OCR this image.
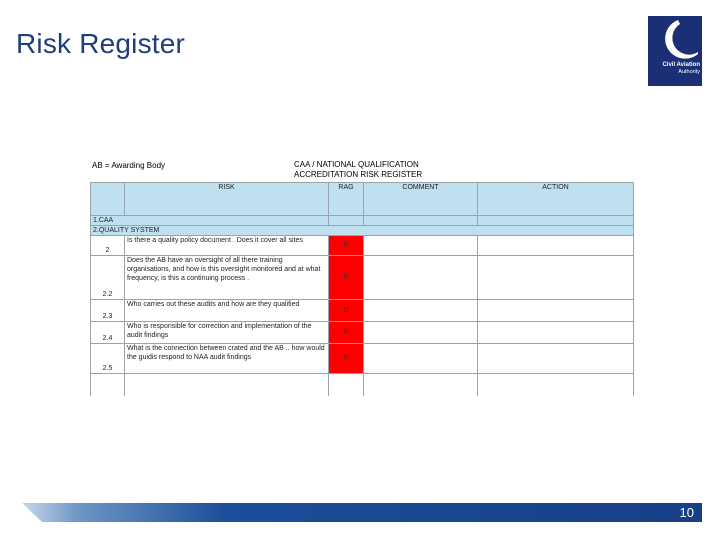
Risk Register
Civil Aviation
Authority
AB = Awarding Body	CAA / NATIONAL QUALIFICATION
ACCREDITATION RISK REGISTER
	RISK	RAG	COMMENT	ACTION
1.CAA				
2.QUALITY SYSTEM				
2	Is there a quality policy document . Does it cover all sites	R		
2.2	Does the AB have an oversight of all there training organisations, and how is this oversight monitored and at what frequency, is this a continuing process .	R		
2.3	Who carries out these audits and how are they qualified	D		
2.4	Who is responsible for correction and implementation of the audit findings	R		
2.5	What is the connection between crated and the AB .. how would the guidis respond to NAA audit findings	R		

10
